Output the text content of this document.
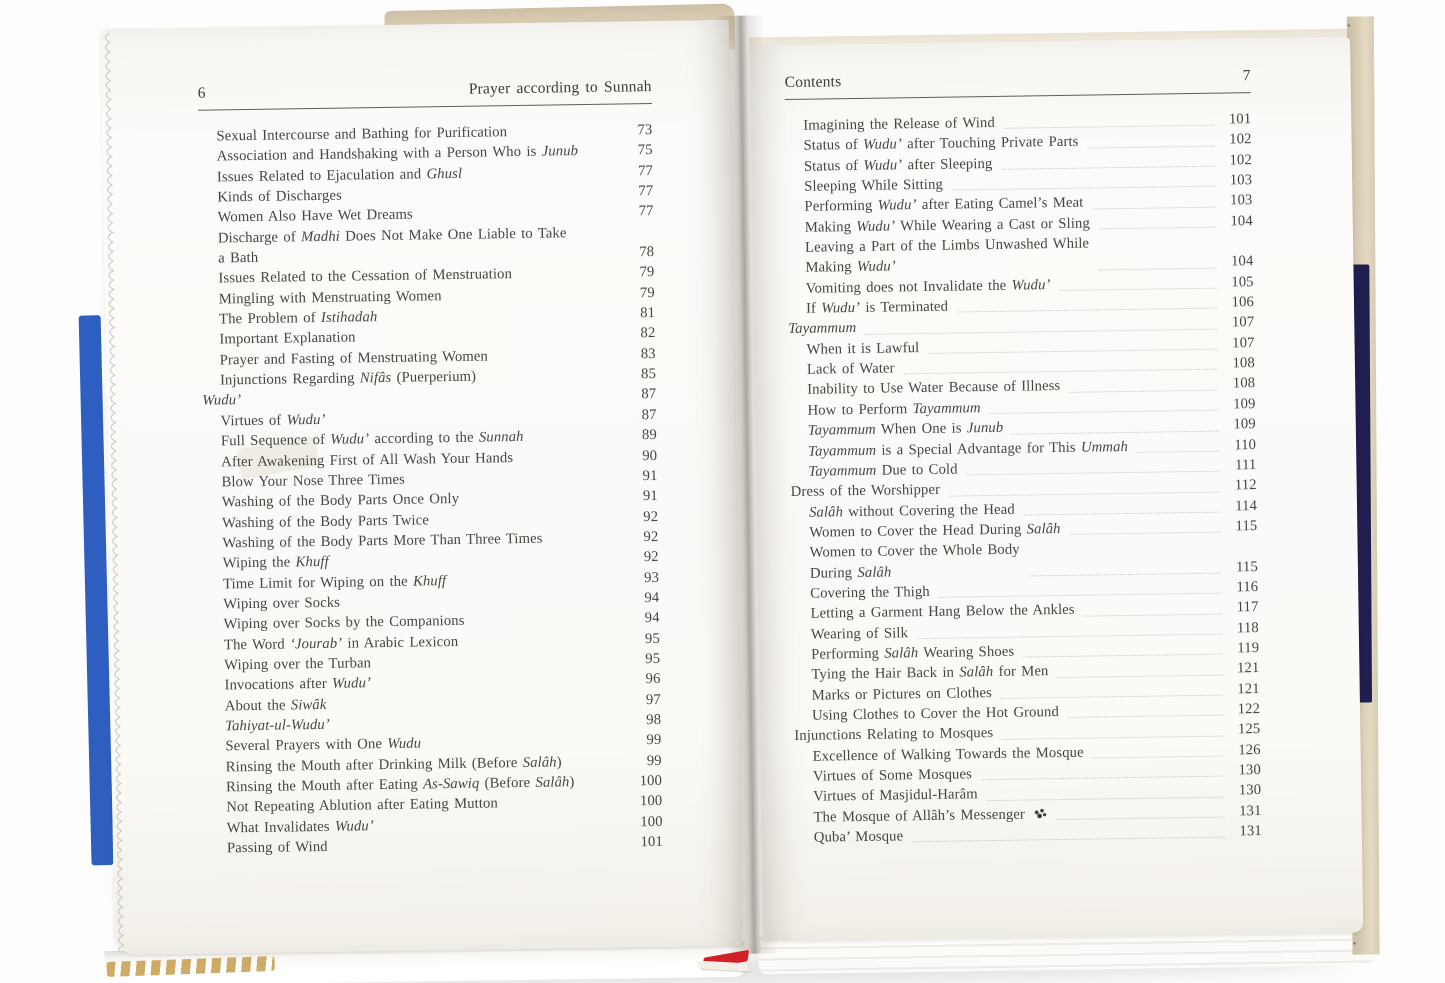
6	Prayer according to Sunnah
Sexual Intercourse and Bathing for Purification	73
Association and Handshaking with a Person Who is Junub	75
Issues Related to Ejaculation and Ghusl	77
Kinds of Discharges	77
Women Also Have Wet Dreams	77
Discharge of Madhi Does Not Make One Liable to Take
a Bath	78
Issues Related to the Cessation of Menstruation	79
Mingling with Menstruating Women	79
The Problem of Istihadah	81
Important Explanation	82
Prayer and Fasting of Menstruating Women	83
Injunctions Regarding Nifâs (Puerperium)	85
Wudu’	87
Virtues of Wudu’	87
Full Sequence of Wudu’ according to the Sunnah	89
After Awakening First of All Wash Your Hands	90
Blow Your Nose Three Times	91
Washing of the Body Parts Once Only	91
Washing of the Body Parts Twice	92
Washing of the Body Parts More Than Three Times	92
Wiping the Khuff	92
Time Limit for Wiping on the Khuff	93
Wiping over Socks	94
Wiping over Socks by the Companions	94
The Word ‘Jourab’ in Arabic Lexicon	95
Wiping over the Turban	95
Invocations after Wudu’	96
About the Siwâk	97
Tahiyat-ul-Wudu’	98
Several Prayers with One Wudu	99
Rinsing the Mouth after Drinking Milk (Before Salâh)	99
Rinsing the Mouth after Eating As-Sawiq (Before Salâh)	100
Not Repeating Ablution after Eating Mutton	100
What Invalidates Wudu’	100
Passing of Wind	101
Contents	7
Imagining the Release of Wind	101
Status of Wudu’ after Touching Private Parts	102
Status of Wudu’ after Sleeping	102
Sleeping While Sitting	103
Performing Wudu’ after Eating Camel’s Meat	103
Making Wudu’ While Wearing a Cast or Sling	104
Leaving a Part of the Limbs Unwashed While
Making Wudu’	104
Vomiting does not Invalidate the Wudu’	105
If Wudu’ is Terminated	106
Tayammum	107
When it is Lawful	107
Lack of Water	108
Inability to Use Water Because of Illness	108
How to Perform Tayammum	109
Tayammum When One is Junub	109
Tayammum is a Special Advantage for This Ummah	110
Tayammum Due to Cold	111
Dress of the Worshipper	112
Salâh without Covering the Head	114
Women to Cover the Head During Salâh	115
Women to Cover the Whole Body
During Salâh	115
Covering the Thigh	116
Letting a Garment Hang Below the Ankles	117
Wearing of Silk	118
Performing Salâh Wearing Shoes	119
Tying the Hair Back in Salâh for Men	121
Marks or Pictures on Clothes	121
Using Clothes to Cover the Hot Ground	122
Injunctions Relating to Mosques	125
Excellence of Walking Towards the Mosque	126
Virtues of Some Mosques	130
Virtues of Masjidul-Harâm	130
The Mosque of Allâh’s Messenger	131
Quba’ Mosque	131
